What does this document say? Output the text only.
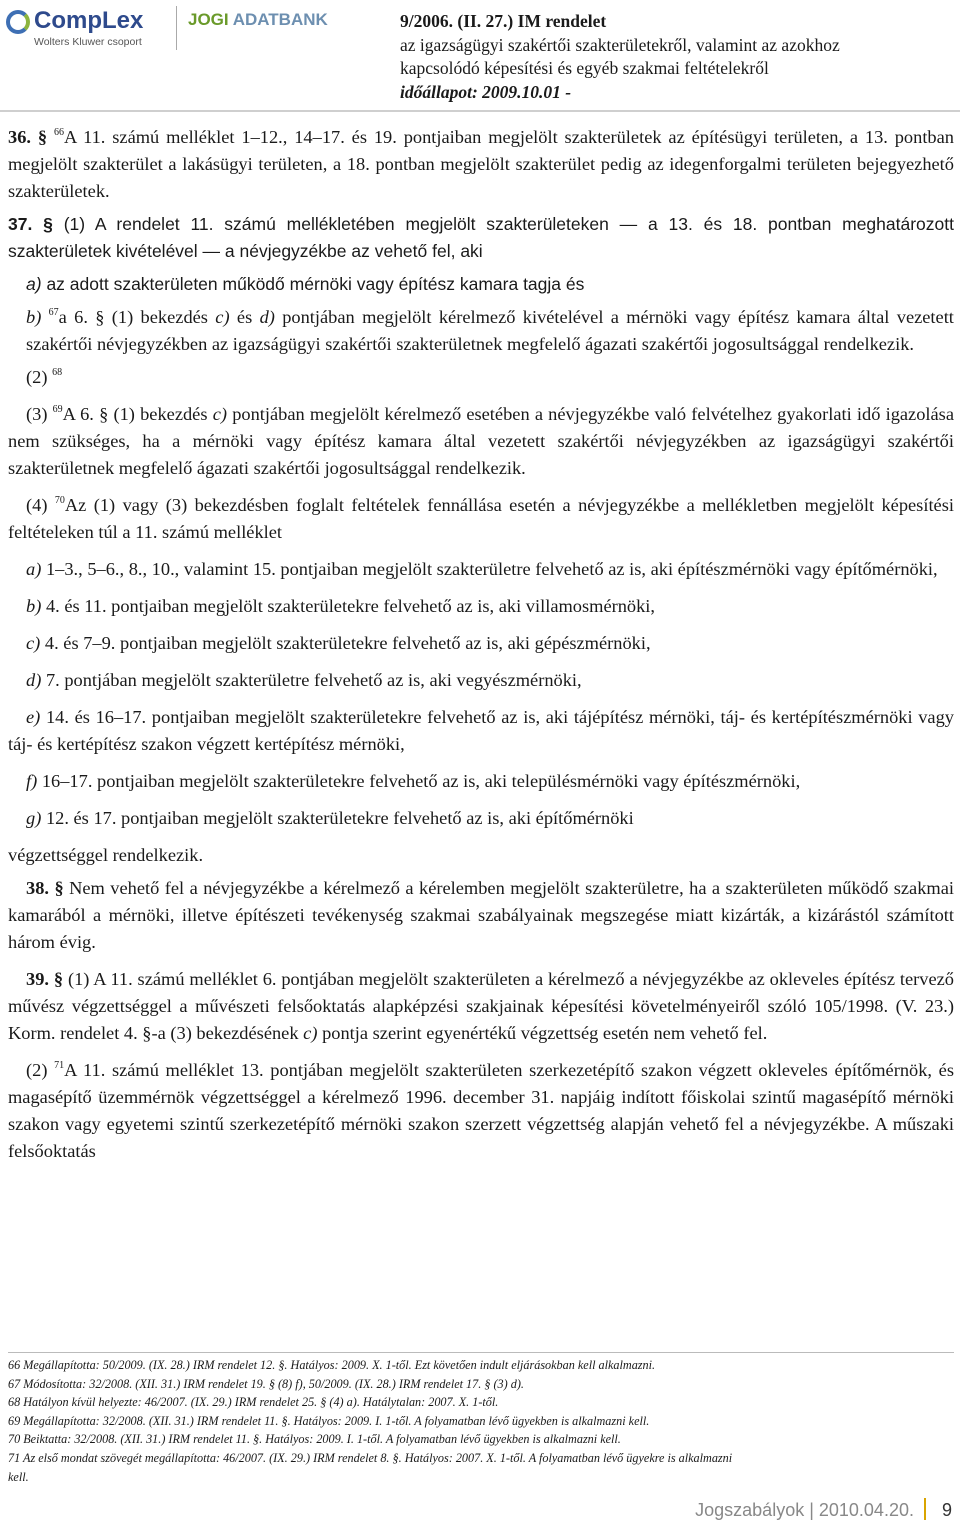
CompLex
Wolters Kluwer csoport
JOGI ADATBANK	9/2006. (II. 27.) IM rendelet
az igazságügyi szakértői szakterületekről, valamint az azokhoz
kapcsolódó képesítési és egyéb szakmai feltételekről
időállapot: 2009.10.01 -

36. § $^{66}$A 11. számú melléklet 1–12., 14–17. és 19. pontjaiban megjelölt szakterületek az építésügyi területen, a 13. pontban megjelölt szakterület a lakásügyi területen, a 18. pontban megjelölt szakterület pedig az idegenforgalmi területen bejegyezhető szakterületek.

37. § (1) A rendelet 11. számú mellékletében megjelölt szakterületeken — a 13. és 18. pontban meghatározott szakterületek kivételével — a névjegyzékbe az vehető fel, aki

a) az adott szakterületen működő mérnöki vagy építész kamara tagja és

b) $^{67}$a 6. § (1) bekezdés c) és d) pontjában megjelölt kérelmező kivételével a mérnöki vagy építész kamara által vezetett szakértői névjegyzékben az igazságügyi szakértői szakterületnek megfelelő ágazati szakértői jogosultsággal rendelkezik.

(2) $^{68}$

(3) $^{69}$A 6. § (1) bekezdés c) pontjában megjelölt kérelmező esetében a névjegyzékbe való felvételhez gyakorlati idő igazolása nem szükséges, ha a mérnöki vagy építész kamara által vezetett szakértői névjegyzékben az igazságügyi szakértői szakterületnek megfelelő ágazati szakértői jogosultsággal rendelkezik.

(4) $^{70}$Az (1) vagy (3) bekezdésben foglalt feltételek fennállása esetén a névjegyzékbe a mellékletben megjelölt képesítési feltételeken túl a 11. számú melléklet

a) 1–3., 5–6., 8., 10., valamint 15. pontjaiban megjelölt szakterületre felvehető az is, aki építészmérnöki vagy építőmérnöki,

b) 4. és 11. pontjaiban megjelölt szakterületekre felvehető az is, aki villamosmérnöki,

c) 4. és 7–9. pontjaiban megjelölt szakterületekre felvehető az is, aki gépészmérnöki,

d) 7. pontjában megjelölt szakterületre felvehető az is, aki vegyészmérnöki,

e) 14. és 16–17. pontjaiban megjelölt szakterületekre felvehető az is, aki tájépítész mérnöki, táj- és kertépítészmérnöki vagy táj- és kertépítész szakon végzett kertépítész mérnöki,

f) 16–17. pontjaiban megjelölt szakterületekre felvehető az is, aki településmérnöki vagy építészmérnöki,

g) 12. és 17. pontjaiban megjelölt szakterületekre felvehető az is, aki építőmérnöki

végzettséggel rendelkezik.

38. § Nem vehető fel a névjegyzékbe a kérelmező a kérelemben megjelölt szakterületre, ha a szakterületen működő szakmai kamarából a mérnöki, illetve építészeti tevékenység szakmai szabályainak megszegése miatt kizárták, a kizárástól számított három évig.

39. § (1) A 11. számú melléklet 6. pontjában megjelölt szakterületen a kérelmező a névjegyzékbe az okleveles építész tervező művész végzettséggel a művészeti felsőoktatás alapképzési szakjainak képesítési követelményeiről szóló 105/1998. (V. 23.) Korm. rendelet 4. §-a (3) bekezdésének c) pontja szerint egyenértékű végzettség esetén nem vehető fel.

(2) $^{71}$A 11. számú melléklet 13. pontjában megjelölt szakterületen szerkezetépítő szakon végzett okleveles építőmérnök, és magasépítő üzemmérnök végzettséggel a kérelmező 1996. december 31. napjáig indított főiskolai szintű magasépítő mérnöki szakon vagy egyetemi szintű szerkezetépítő mérnöki szakon szerzett végzettség alapján vehető fel a névjegyzékbe. A műszaki felsőoktatás

66 Megállapította: 50/2009. (IX. 28.) IRM rendelet 12. §. Hatályos: 2009. X. 1-től. Ezt követően indult eljárásokban kell alkalmazni.
67 Módosította: 32/2008. (XII. 31.) IRM rendelet 19. § (8) f), 50/2009. (IX. 28.) IRM rendelet 17. § (3) d).
68 Hatályon kívül helyezte: 46/2007. (IX. 29.) IRM rendelet 25. § (4) a). Hatálytalan: 2007. X. 1-től.
69 Megállapította: 32/2008. (XII. 31.) IRM rendelet 11. §. Hatályos: 2009. I. 1-től. A folyamatban lévő ügyekben is alkalmazni kell.
70 Beiktatta: 32/2008. (XII. 31.) IRM rendelet 11. §. Hatályos: 2009. I. 1-től. A folyamatban lévő ügyekben is alkalmazni kell.
71 Az első mondat szövegét megállapította: 46/2007. (IX. 29.) IRM rendelet 8. §. Hatályos: 2007. X. 1-től. A folyamatban lévő ügyekre is alkalmazni
kell.
Jogszabályok | 2010.04.20. 9
